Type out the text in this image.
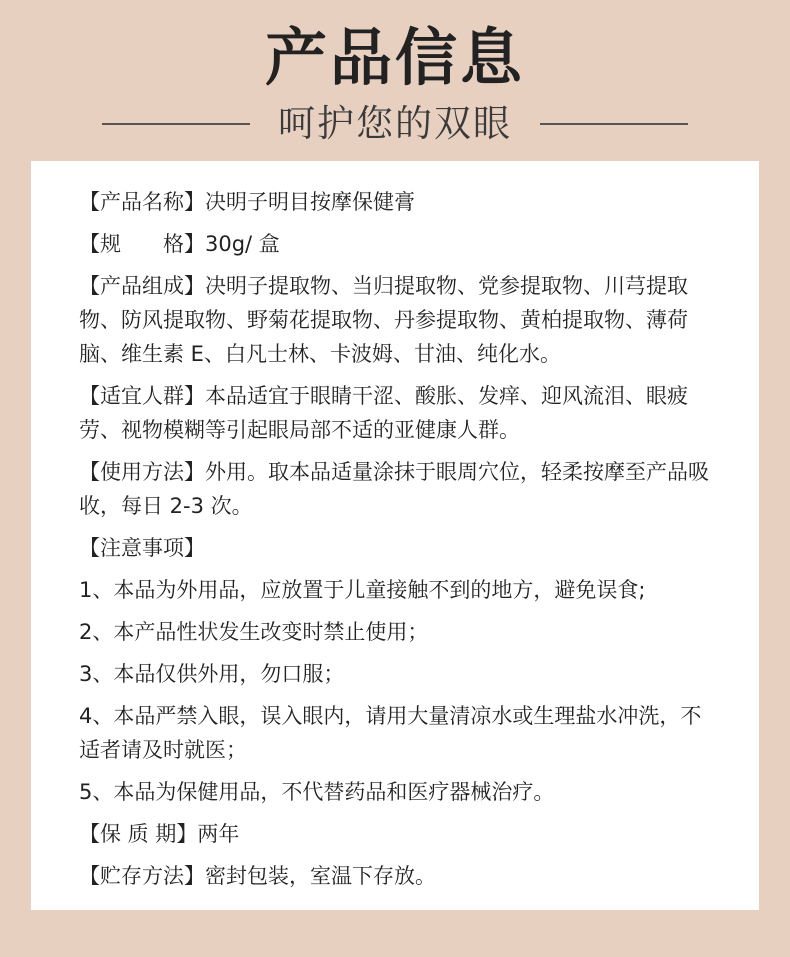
产品信息
呵护您的双眼
【产品名称】决明子明目按摩保健膏
【规　　格】30g/ 盒
【产品组成】决明子提取物、当归提取物、党参提取物、川芎提取物、防风提取物、野菊花提取物、丹参提取物、黄柏提取物、薄荷脑、维生素 E、白凡士林、卡波姆、甘油、纯化水。
【适宜人群】本品适宜于眼睛干涩、酸胀、发痒、迎风流泪、眼疲劳、视物模糊等引起眼局部不适的亚健康人群。
【使用方法】外用。取本品适量涂抹于眼周穴位，轻柔按摩至产品吸收，每日 2-3 次。
【注意事项】
1、本品为外用品，应放置于儿童接触不到的地方，避免误食;
2、本产品性状发生改变时禁止使用；
3、本品仅供外用，勿口服；
4、本品严禁入眼，误入眼内，请用大量清凉水或生理盐水冲洗，不适者请及时就医；
5、本品为保健用品，不代替药品和医疗器械治疗。
【保 质 期】两年
【贮存方法】密封包装，室温下存放。
